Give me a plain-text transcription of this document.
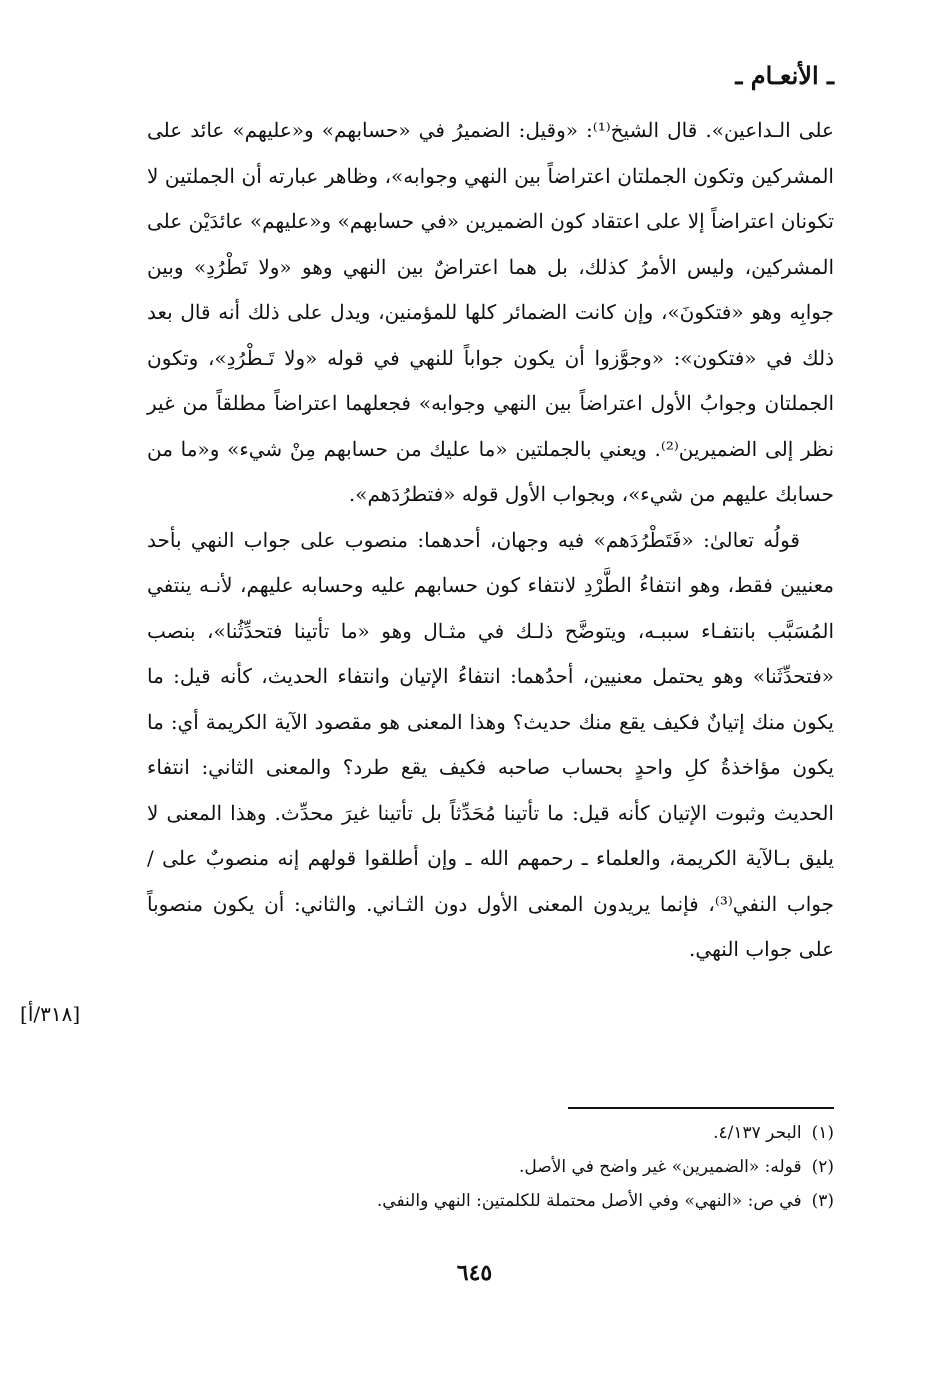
ـ الأنعـام ـ

على الـداعين». قال الشيخ⁽¹⁾: «وقيل: الضميرُ في «حسابهم» و«عليهم» عائد على المشركين وتكون الجملتان اعتراضاً بين النهي وجوابه»، وظاهر عبارته أن الجملتين لا تكونان اعتراضاً إلا على اعتقاد كون الضميرين «في حسابهم» و«عليهم» عائدَيْن على المشركين، وليس الأمرُ كذلك، بل هما اعتراضٌ بين النهي وهو «ولا تَطْرُدِ» وبين جوابِه وهو «فتكونَ»، وإن كانت الضمائر كلها للمؤمنين، ويدل على ذلك أنه قال بعد ذلك في «فتكون»: «وجوَّزوا أن يكون جواباً للنهي في قوله «ولا تَـطْرُدِ»، وتكون الجملتان وجوابُ الأول اعتراضاً بين النهي وجوابه» فجعلهما اعتراضاً مطلقاً من غير نظر إلى الضميرين⁽²⁾. ويعني بالجملتين «ما عليك من حسابهم مِنْ شيء» و«ما من حسابك عليهم من شيء»، وبجواب الأول قوله «فتطرُدَهم».

قولُه تعالىٰ: «فَتَطْرُدَهم» فيه وجهان، أحدهما: منصوب على جواب النهي بأحد معنيين فقط، وهو انتفاءُ الطَّرْدِ لانتفاء كون حسابهم عليه وحسابه عليهم، لأنـه ينتفي المُسَبَّب بانتفـاء سببـه، ويتوضَّح ذلـك في مثـال وهو «ما تأتينا فتحدِّثُنا»، بنصب «فتحدِّثَنا» وهو يحتمل معنيين، أحدُهما: انتفاءُ الإتيان وانتفاء الحديث، كأنه قيل: ما يكون منك إتيانٌ فكيف يقع منك حديث؟ وهذا المعنى هو مقصود الآية الكريمة أي: ما يكون مؤاخذةُ كلِ واحدٍ بحساب صاحبه فكيف يقع طرد؟ والمعنى الثاني: انتفاء الحديث وثبوت الإتيان كأنه قيل: ما تأتينا مُحَدِّثاً بل تأتينا غيرَ محدِّث. وهذا المعنى لا يليق بـالآية الكريمة، والعلماء ـ رحمهم الله ـ وإن أطلقوا قولهم إنه منصوبٌ على / جواب النفي⁽³⁾، فإنما يريدون المعنى الأول دون الثـاني. والثاني: أن يكون منصوباً على جواب النهي.

[٣١٨/أ]

(١)البحر ٤/١٣٧.

(٢)قوله: «الضميرين» غير واضح في الأصل.

(٣)في ص: «النهي» وفي الأصل محتملة للكلمتين: النهي والنفي.

٦٤٥
